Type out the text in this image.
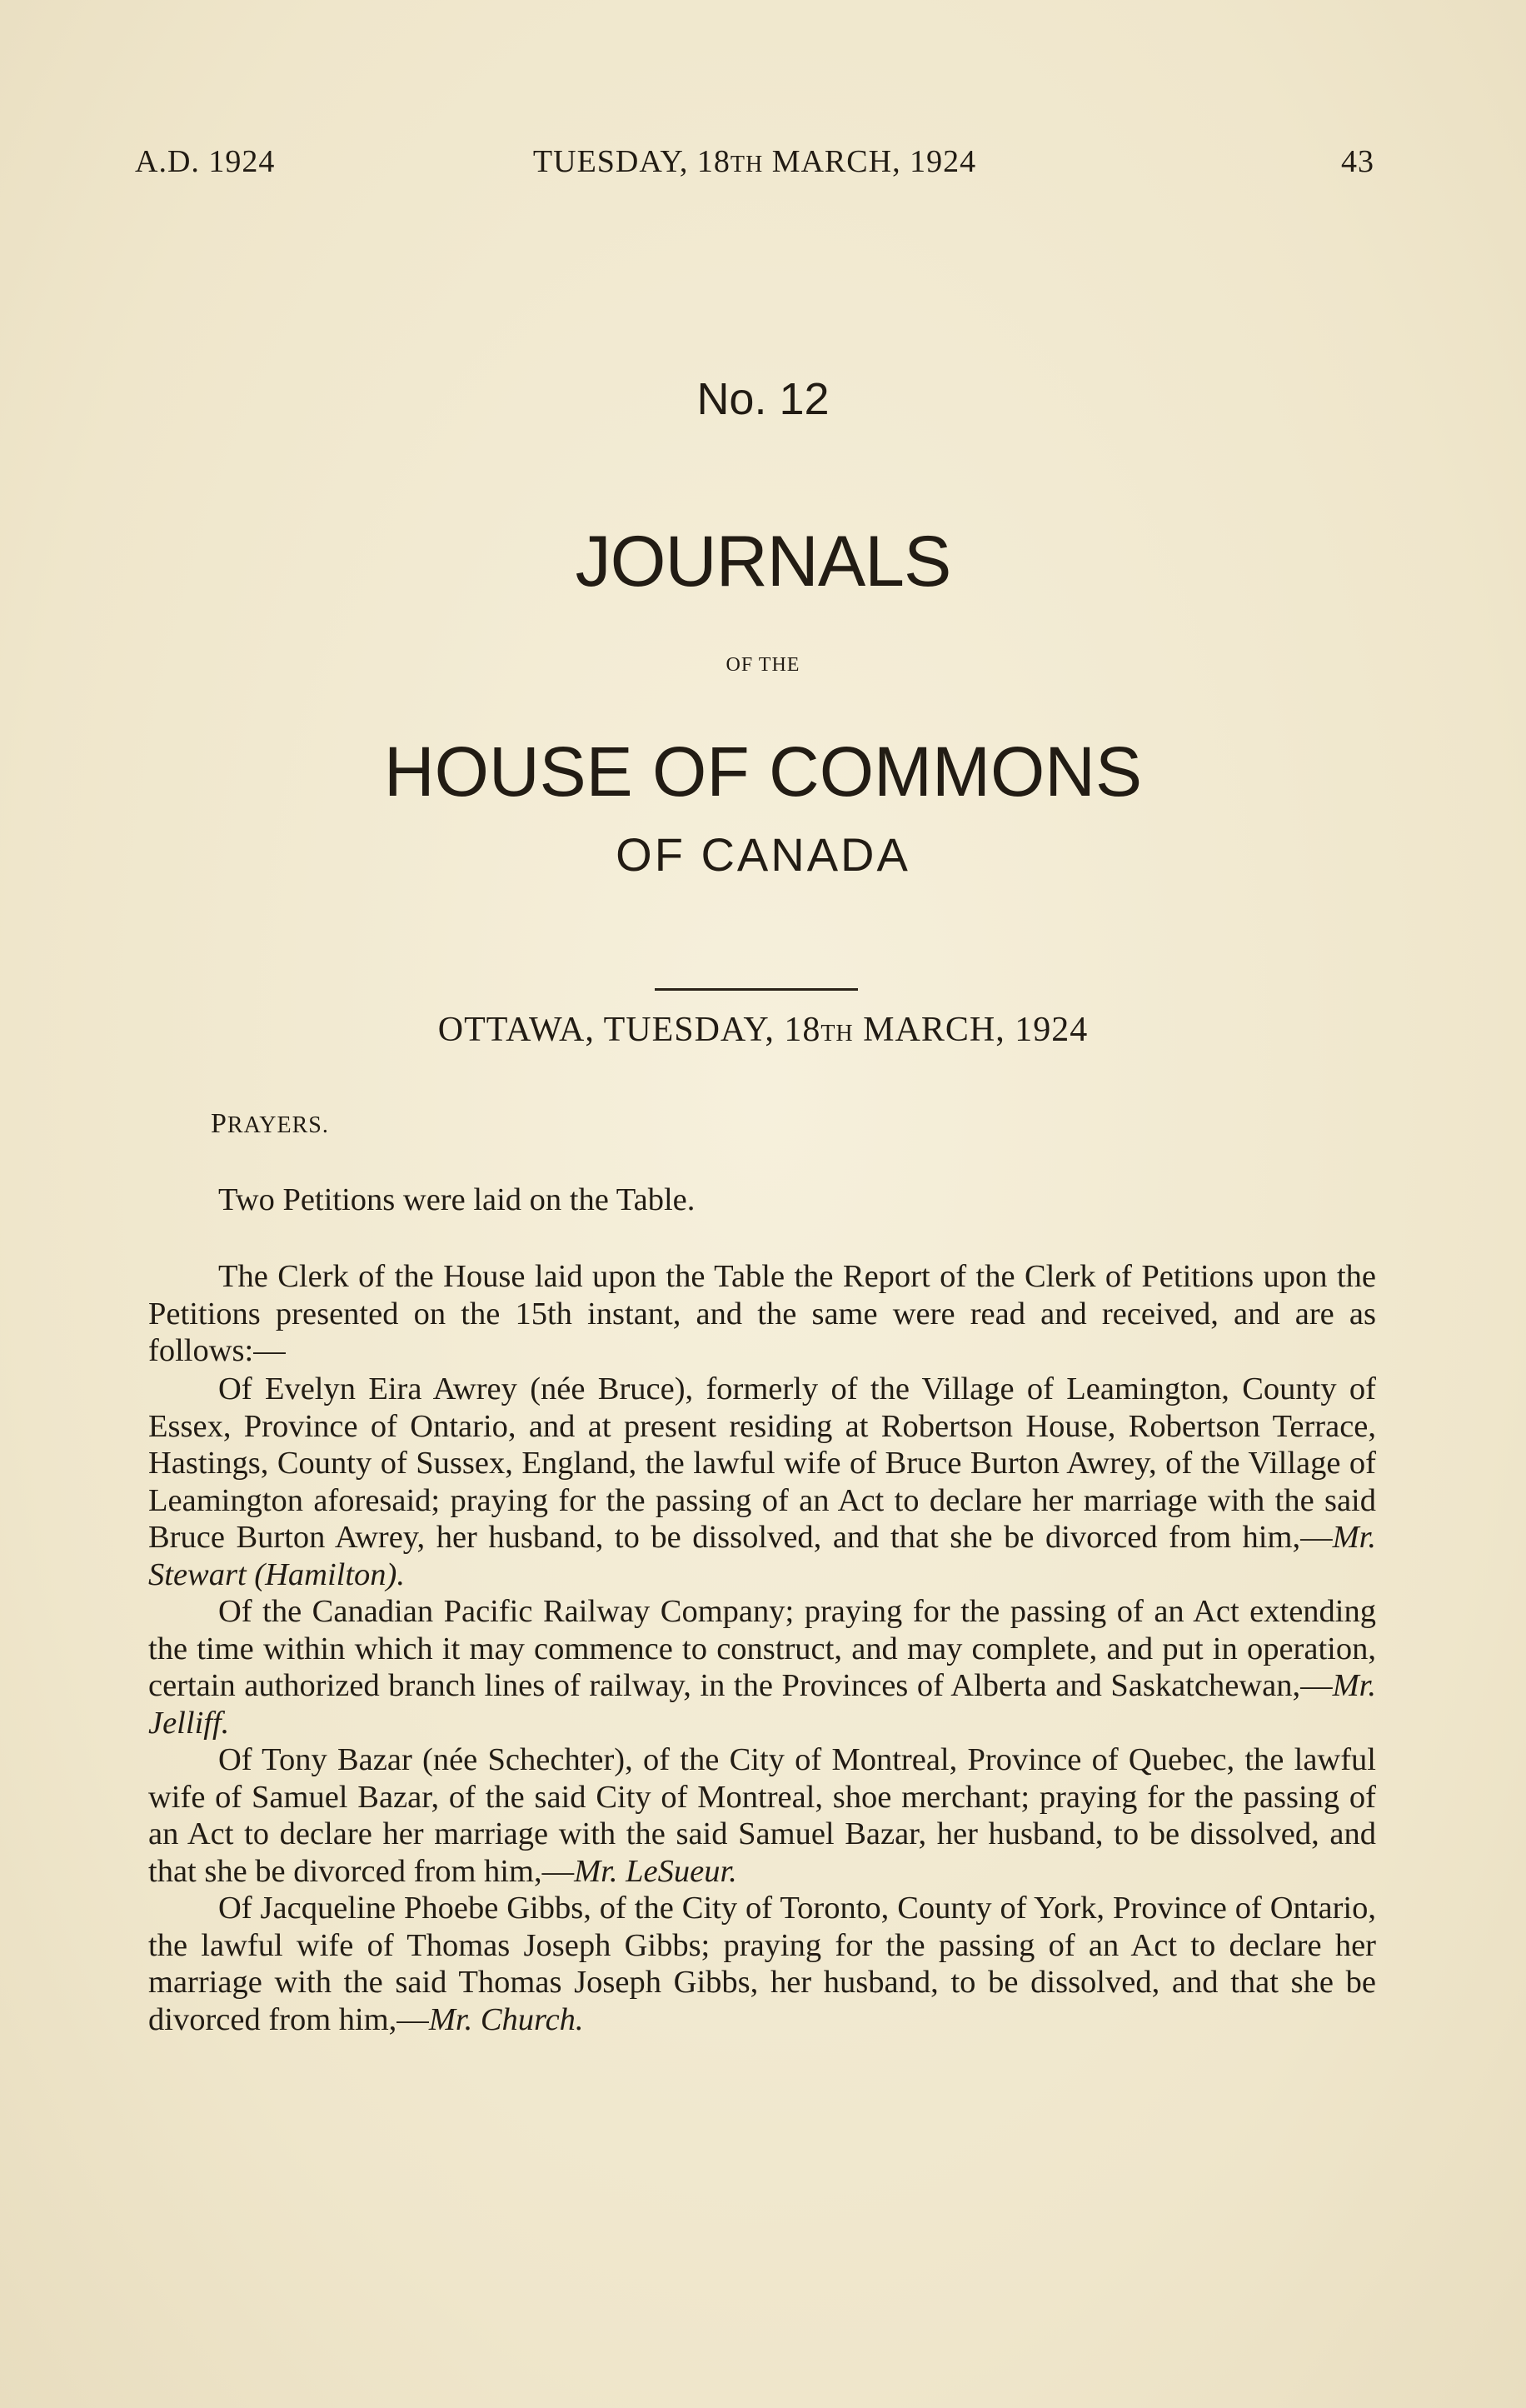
A.D. 1924	TUESDAY, 18TH MARCH, 1924	43
No. 12
JOURNALS
OF THE
HOUSE OF COMMONS
OF CANADA
OTTAWA, TUESDAY, 18TH MARCH, 1924
PRAYERS.

Two Petitions were laid on the Table.

The Clerk of the House laid upon the Table the Report of the Clerk of Petitions upon the Petitions presented on the 15th instant, and the same were read and received, and are as follows:—

Of Evelyn Eira Awrey (née Bruce), formerly of the Village of Leamington, County of Essex, Province of Ontario, and at present residing at Robertson House, Robertson Terrace, Hastings, County of Sussex, England, the lawful wife of Bruce Burton Awrey, of the Village of Leamington aforesaid; praying for the passing of an Act to declare her marriage with the said Bruce Burton Awrey, her husband, to be dissolved, and that she be divorced from him,—Mr. Stewart (Hamilton).

Of the Canadian Pacific Railway Company; praying for the passing of an Act extending the time within which it may commence to construct, and may complete, and put in operation, certain authorized branch lines of railway, in the Provinces of Alberta and Saskatchewan,—Mr. Jelliff.

Of Tony Bazar (née Schechter), of the City of Montreal, Province of Quebec, the lawful wife of Samuel Bazar, of the said City of Montreal, shoe merchant; praying for the passing of an Act to declare her marriage with the said Samuel Bazar, her husband, to be dissolved, and that she be divorced from him,—Mr. LeSueur.

Of Jacqueline Phoebe Gibbs, of the City of Toronto, County of York, Province of Ontario, the lawful wife of Thomas Joseph Gibbs; praying for the passing of an Act to declare her marriage with the said Thomas Joseph Gibbs, her husband, to be dissolved, and that she be divorced from him,—Mr. Church.
